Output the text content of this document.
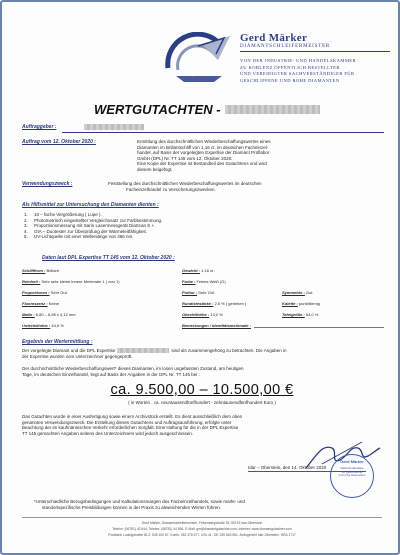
Gerd Märker
DIAMANTSCHLEIFERMEISTER
VON DER INDUSTRIE- UND HANDELSKAMMER
ZU KOBLENZ ÖFFENTLICH BESTELLTER
UND VEREIDIGTER SACHVERSTÄNDIGER FÜR
GESCHLIFFENE UND ROHE DIAMANTEN
WERTGUTACHTEN -
Auftraggeber :
Auftrag vom 12. Oktober 2020 :	Ermittlung des durchschnittlichen Wiederbeschaffungswertes eines
Diamanten im Brillantschliff von 1,16 ct. im deutschen Facheinzel-
handel, auf Basis der vorgelegten Expertise der Diamant Prüflabor
GmbH (DPL) Nr. TT 145 vom 12. Oktober 2020.
Eine Kopie der Expertise ist Bestandteil des Gutachtens und wird
diesem beigefügt.
Verwendungszweck :	Feststellung des durchschnittlichen Wiederbeschaffungswertes im deutschen
Facheinzelhandel zu Versicherungszwecken.
Als Hilfsmittel zur Untersuchung des Diamanten dienten :
1.	10 – fache Vergrößerung ( Lupe ).
2.	Photometrisch eingestellter Vergleichssatz zur Farbbestimmung.
3.	Proportionsmessung mit Sarin Lasermessgerät DiaScan S +.
4.	GIA – Duotester zur Überprüfung der Wärmeleitfähigkeit.
5.	UV-Lichtquelle mit einer Wellenlänge von 366 nm.
Daten laut DPL Expertise TT 145 vom 12. Oktober 2020 :
Schliffform : Brillant	Gewicht : 1,16 ct .
Reinheit : Sehr sehr kleine innere Merkmale 1 ( vvsi 1)	Farbe : Feines Weiß (G)
Proportionen : Sehr Gut	Politur : Sehr Gut	Symmetrie : Gut
Fluoreszenz : Keine	Rundistestärke : 2,5 % ( gerieben )	Kalette : punktförmig
Maße : 6,80 – 6,85 x 4,12 mm	Oberteilhöhe : 13,0 %	Tafelgröße : 64,0 %
Unterteilhöhe : 44,5 %	Bemerkungen / Identitätsmerkmale :
Ergebnis der Wertermittlung :
Der vorgelegte Diamant und die DPL Expertise	sind als zusammengehörig zu betrachten. Die Angaben in
der Expertise wurden vom Unterzeichner gegengeprüft.
Der durchschnittliche Wiederbeschaffungswert* dieses Diamanten, im losen ungefassten Zustand, am heutigen
Tage, im deutschen Einzelhandel, liegt auf Basis der Angaben in der DPL Nr. TT 145 bei :
ca. 9.500,00 – 10.500,00 €
( in Worten . ca. neuntausendfünfhundert - zehntausendfünfhundert Euro )
Das Gutachten wurde in einer Ausfertigung sowie einem Archivstück erstellt. Es dient ausschließlich dem oben
genannten Verwendungszweck. Die Erstellung dieses Gutachtens und Auftragsausführung, erfolgte unter
Beachtung der im kaufmännischen Verkehr erforderlichen Sorgfalt. Eine Haftung für die in der DPL Expertise
TT 145 gemachten Angaben seitens des Unterzeichners wird jedoch ausgeschlossen.
Idar – Oberstein, den 14. Oktober 2020
Gerd Märker
Sachverständiger
für geschliffene
und rohe Diamanten
*Unterschiedliche Bezugsbedingungen und Kalkulationsmargen des Facheinzelhandels, sowie markt- und
standortspezifische Preisbildungen können in der Praxis zu abweichenden Werten führen.
Gerd Märker, Diamantschleifermeister, Finkenbergstraße 25, 55743 Idar-Oberstein
Telefon: (06781) 43 644, Telefax: (06781) 44 656, E-Mail: gm@diamantgutachter.com, Internet: www.diamantgutachter.com
Postbank Ludwigshafen BLZ: 545 100 67, Konto: 282 375 677, USt.-Id.: DE 155 663 581, Amtsgericht Idar-Oberstein, HRA 1717
